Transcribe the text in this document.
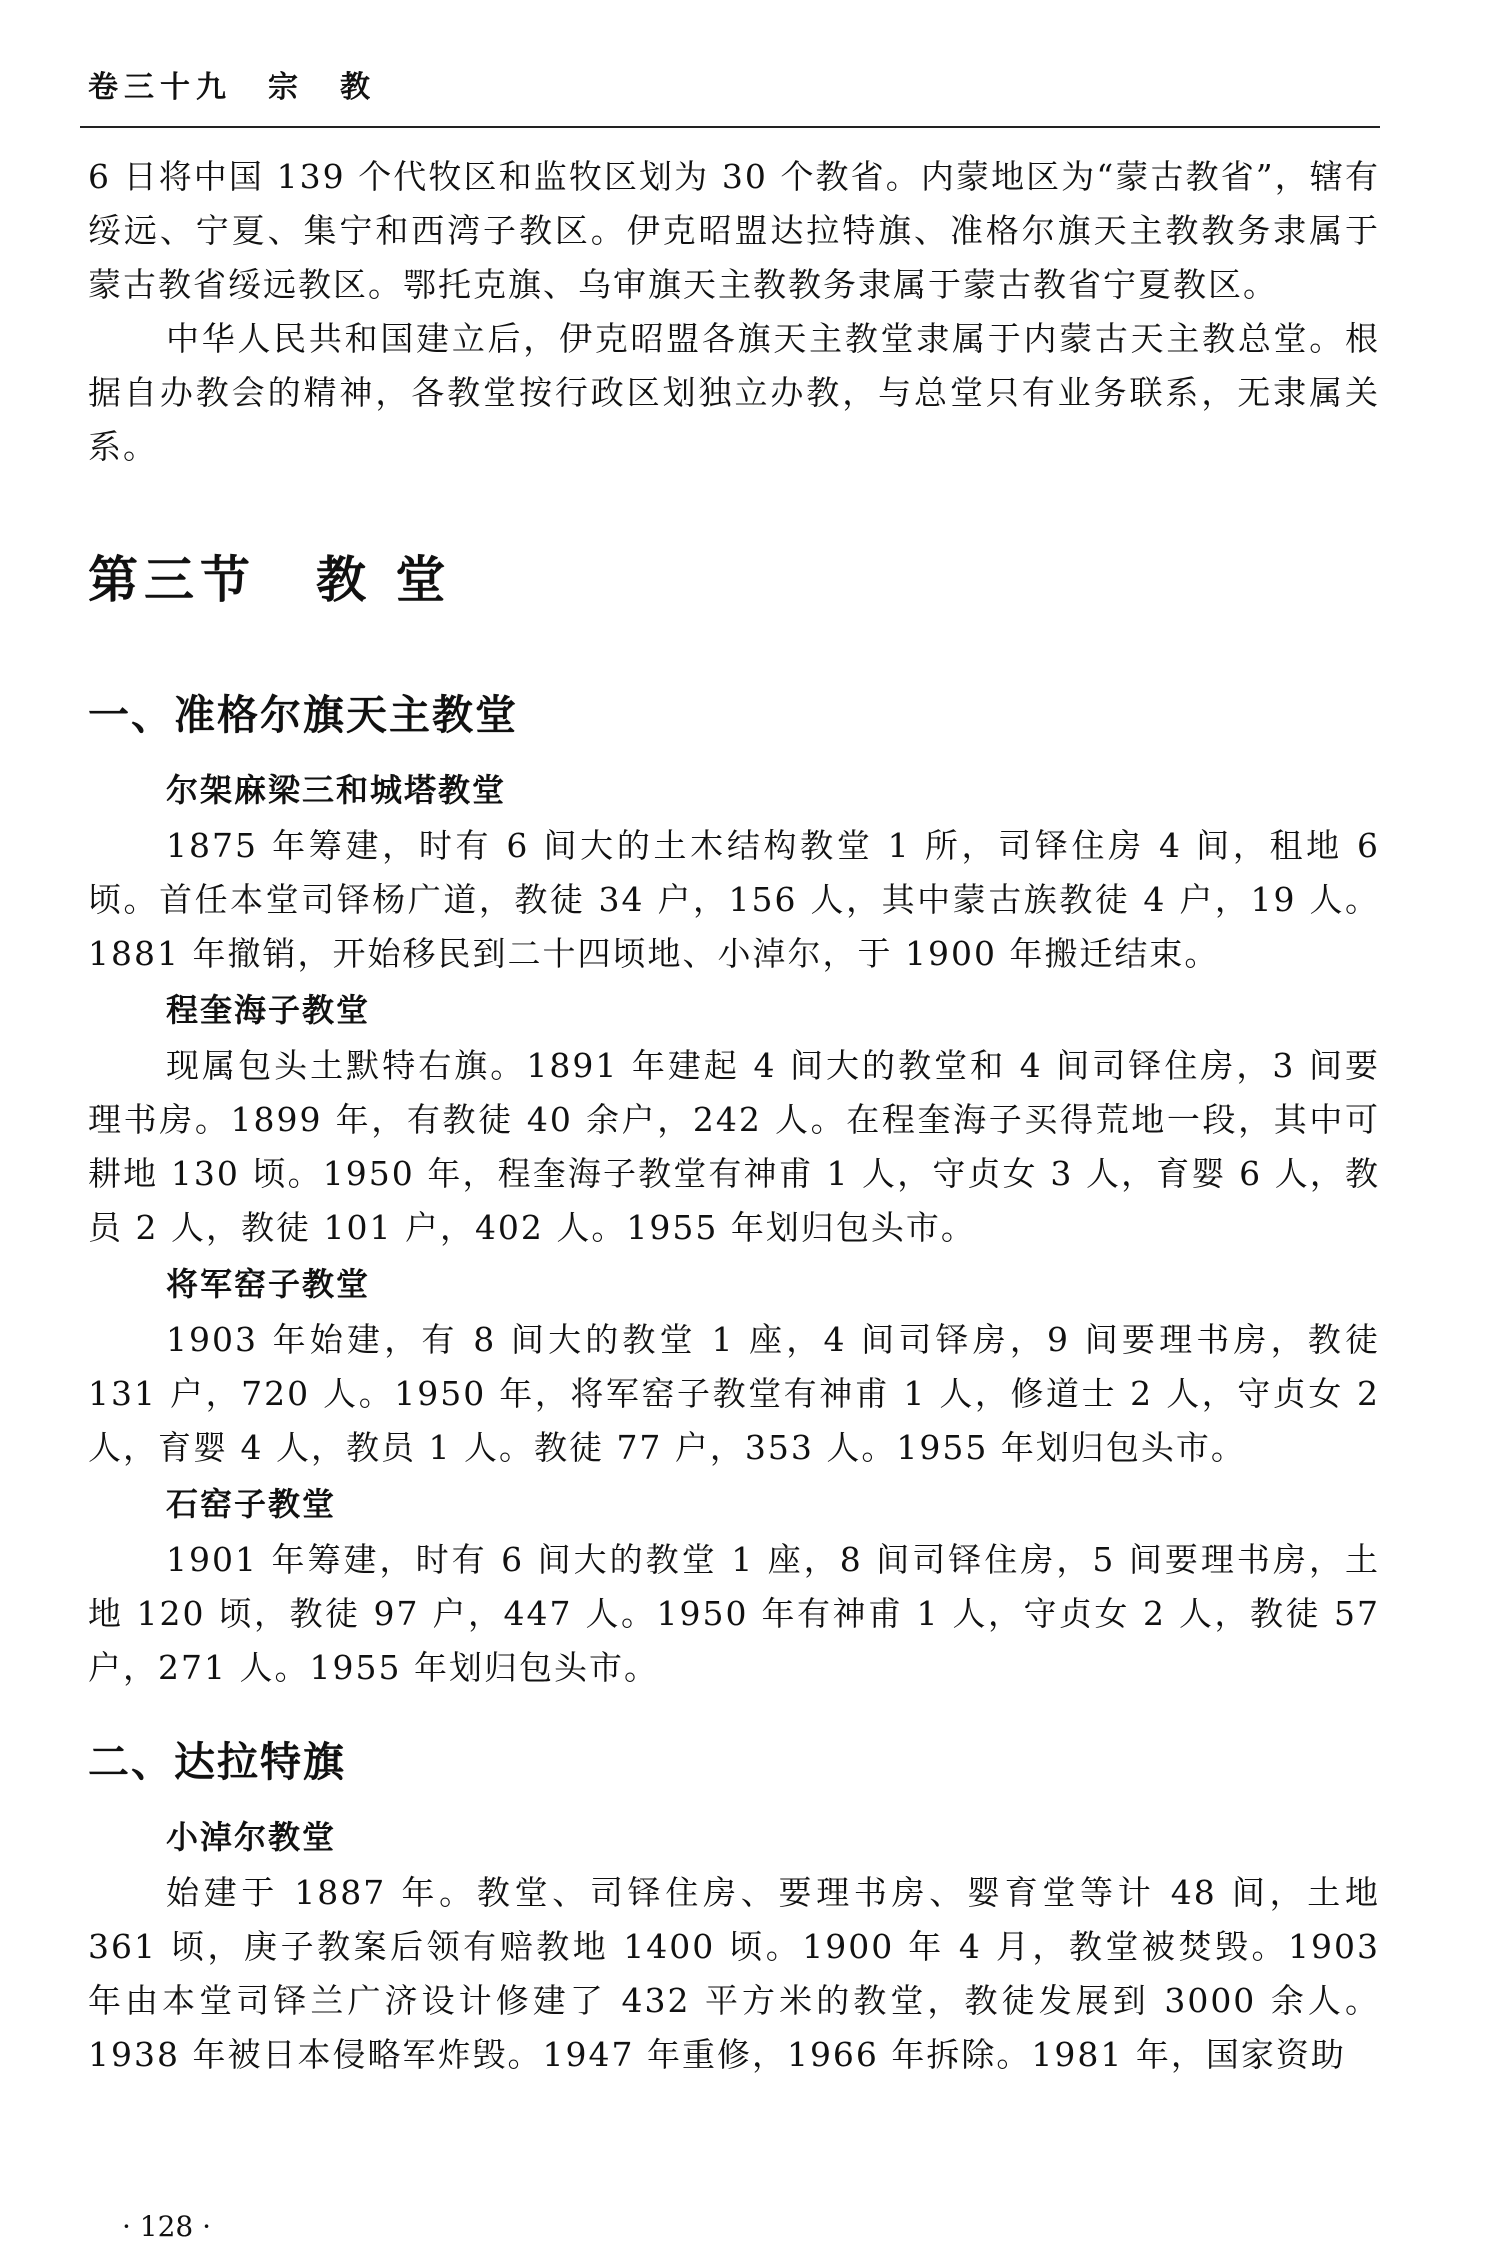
卷三十九　宗　教

6 日将中国 139 个代牧区和监牧区划为 30 个教省。内蒙地区为“蒙古教省”，辖有绥远、宁夏、集宁和西湾子教区。伊克昭盟达拉特旗、准格尔旗天主教教务隶属于蒙古教省绥远教区。鄂托克旗、乌审旗天主教教务隶属于蒙古教省宁夏教区。

中华人民共和国建立后，伊克昭盟各旗天主教堂隶属于内蒙古天主教总堂。根据自办教会的精神，各教堂按行政区划独立办教，与总堂只有业务联系，无隶属关系。

第三节 教 堂
一、准格尔旗天主教堂
尔架麻梁三和城塔教堂

1875 年筹建，时有 6 间大的土木结构教堂 1 所，司铎住房 4 间，租地 6 顷。首任本堂司铎杨广道，教徒 34 户，156 人，其中蒙古族教徒 4 户，19 人。1881 年撤销，开始移民到二十四顷地、小淖尔，于 1900 年搬迁结束。

程奎海子教堂

现属包头土默特右旗。1891 年建起 4 间大的教堂和 4 间司铎住房，3 间要理书房。1899 年，有教徒 40 余户，242 人。在程奎海子买得荒地一段，其中可耕地 130 顷。1950 年，程奎海子教堂有神甫 1 人，守贞女 3 人，育婴 6 人，教员 2 人，教徒 101 户，402 人。1955 年划归包头市。

将军窑子教堂

1903 年始建，有 8 间大的教堂 1 座，4 间司铎房，9 间要理书房，教徒 131 户，720 人。1950 年，将军窑子教堂有神甫 1 人，修道士 2 人，守贞女 2 人，育婴 4 人，教员 1 人。教徒 77 户，353 人。1955 年划归包头市。

石窑子教堂

1901 年筹建，时有 6 间大的教堂 1 座，8 间司铎住房，5 间要理书房，土地 120 顷，教徒 97 户，447 人。1950 年有神甫 1 人，守贞女 2 人，教徒 57 户，271 人。1955 年划归包头市。

二、达拉特旗
小淖尔教堂

始建于 1887 年。教堂、司铎住房、要理书房、婴育堂等计 48 间，土地 361 顷，庚子教案后领有赔教地 1400 顷。1900 年 4 月，教堂被焚毁。1903 年由本堂司铎兰广济设计修建了 432 平方米的教堂，教徒发展到 3000 余人。1938 年被日本侵略军炸毁。1947 年重修，1966 年拆除。1981 年，国家资助

· 128 ·
